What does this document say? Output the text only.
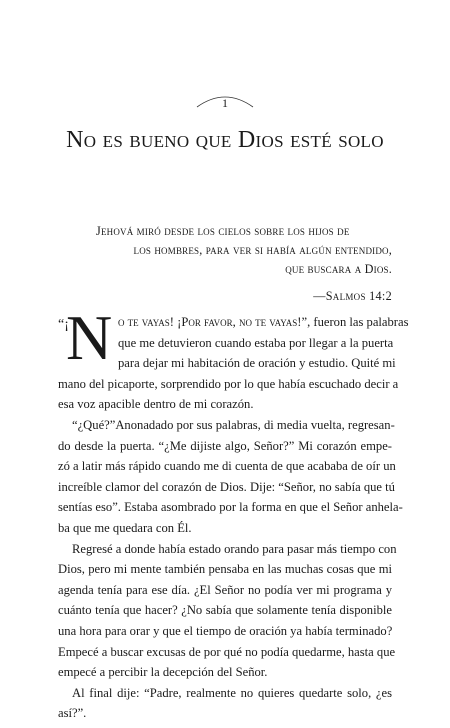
1
No es bueno que Dios esté solo
Jehová miró desde los cielos sobre los hijos de
los hombres, para ver si había algún entendido,
que buscara a Dios.
—Salmos 14:2
“¡
N o te vayas! ¡Por favor, no te vayas!”, fueron las palabras
que me detuvieron cuando estaba por llegar a la puerta
para dejar mi habitación de oración y estudio. Quité mi
mano del picaporte, sorprendido por lo que había escuchado decir a
esa voz apacible dentro de mi corazón.
“¿Qué?”Anonadado por sus palabras, di media vuelta, regresan-
do desde la puerta. “¿Me dijiste algo, Señor?” Mi corazón empe-
zó a latir más rápido cuando me di cuenta de que acababa de oír un
increíble clamor del corazón de Dios. Dije: “Señor, no sabía que tú
sentías eso”. Estaba asombrado por la forma en que el Señor anhela-
ba que me quedara con Él.
Regresé a donde había estado orando para pasar más tiempo con
Dios, pero mi mente también pensaba en las muchas cosas que mi
agenda tenía para ese día. ¿El Señor no podía ver mi programa y
cuánto tenía que hacer? ¿No sabía que solamente tenía disponible
una hora para orar y que el tiempo de oración ya había terminado?
Empecé a buscar excusas de por qué no podía quedarme, hasta que
empecé a percibir la decepción del Señor.
Al final dije: “Padre, realmente no quieres quedarte solo, ¿es
así?”.
